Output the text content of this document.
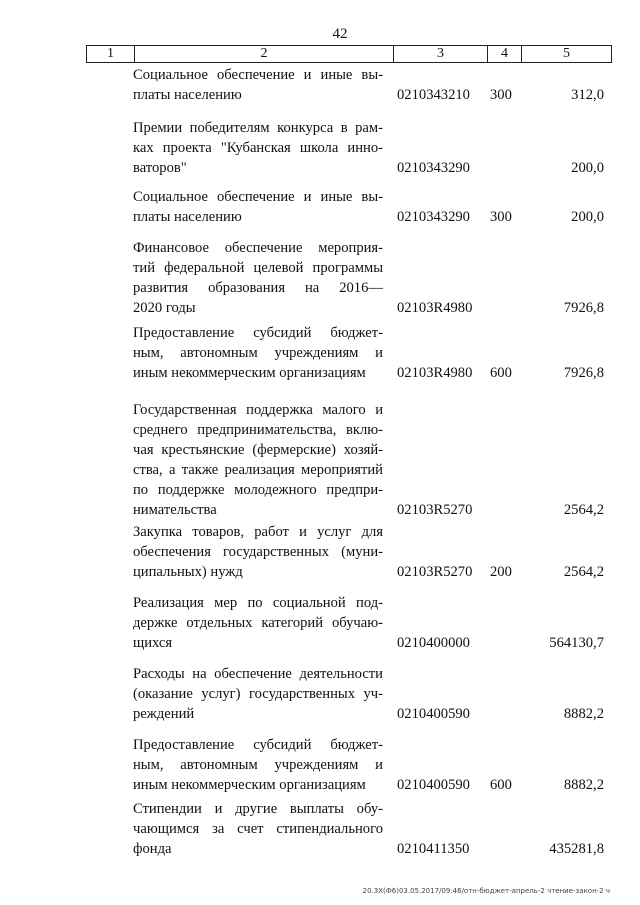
42
1	2	3	4	5
Социальное обеспечение и иные вы-
платы населению	0210343210 300	312,0
Премии победителям конкурса в рам-
ках проекта "Кубанская школа инно-
ваторов"	0210343290	200,0
Социальное обеспечение и иные вы-
платы населению	0210343290 300	200,0
Финансовое обеспечение мероприя-
тий федеральной целевой программы
развития образования на 2016—
2020 годы	02103R4980	7926,8
Предоставление субсидий бюджет-
ным, автономным учреждениям и
иным некоммерческим организациям	02103R4980 600	7926,8
Государственная поддержка малого и
среднего предпринимательства, вклю-
чая крестьянские (фермерские) хозяй-
ства, а также реализация мероприятий
по поддержке молодежного предпри-
нимательства	02103R5270	2564,2
Закупка товаров, работ и услуг для
обеспечения государственных (муни-
ципальных) нужд	02103R5270 200	2564,2
Реализация мер по социальной под-
держке отдельных категорий обучаю-
щихся	0210400000	564130,7
Расходы на обеспечение деятельности
(оказание услуг) государственных уч-
реждений	0210400590	8882,2
Предоставление субсидий бюджет-
ным, автономным учреждениям и
иным некоммерческим организациям	0210400590 600	8882,2
Стипендии и другие выплаты обу-
чающимся за счет стипендиального
фонда	0210411350	435281,8
20.3Х(Ф6)03.05.2017/09:46/отн-бюджет-апрель-2 чтение-закон-2 ч
